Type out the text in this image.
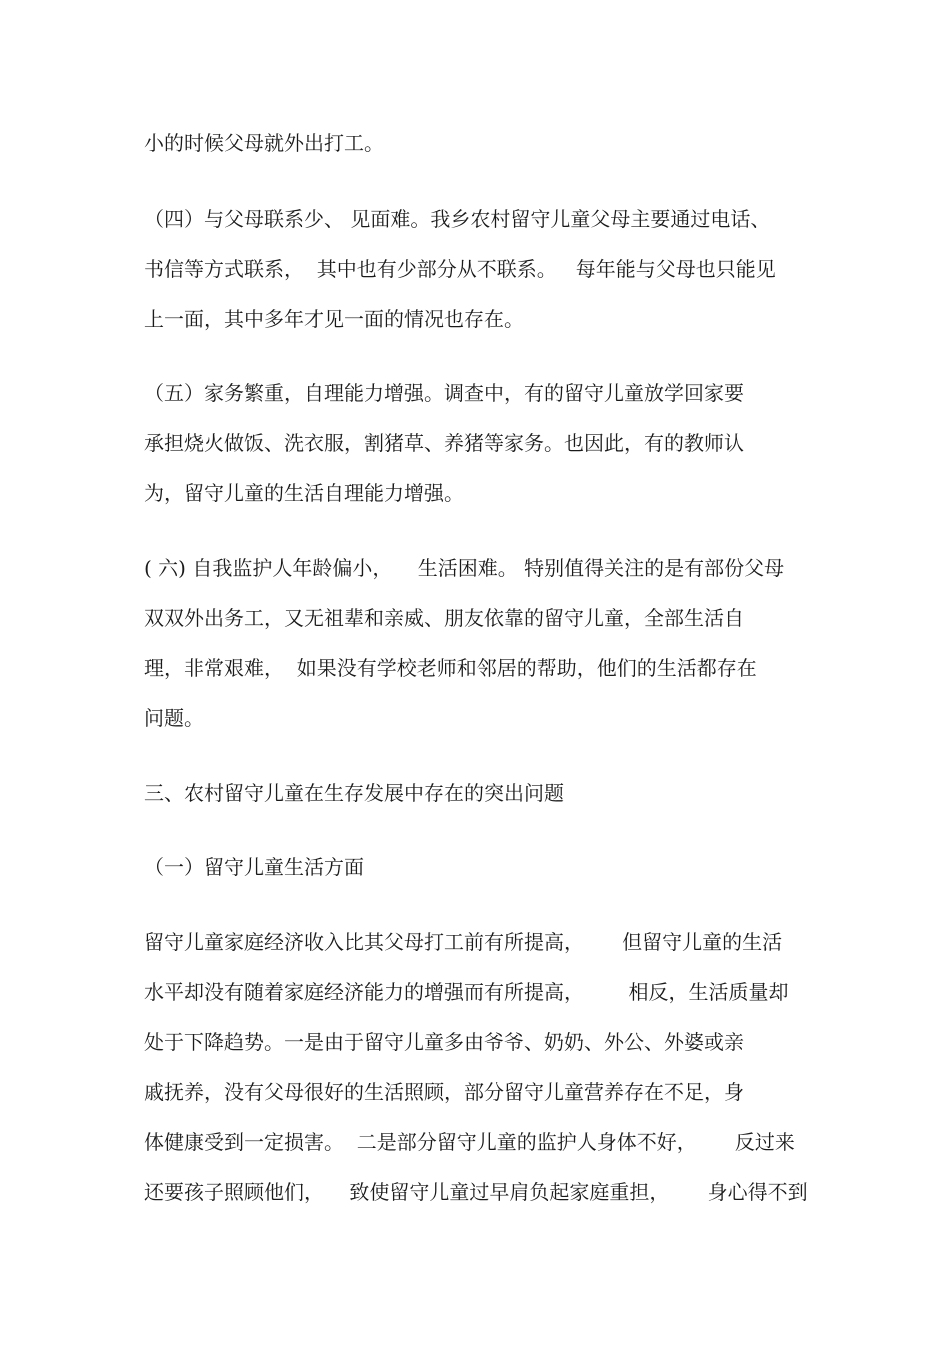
小的时候父母就外出打工。
（四）与父母联系少、 见面难。我乡农村留守儿童父母主要通过电话、
书信等方式联系，  其中也有少部分从不联系。   每年能与父母也只能见
上一面，其中多年才见一面的情况也存在。
（五）家务繁重，自理能力增强。调查中，有的留守儿童放学回家要
承担烧火做饭、洗衣服，割猪草、养猪等家务。也因此，有的教师认
为，留守儿童的生活自理能力增强。
( 六) 自我监护人年龄偏小，    生活困难。 特别值得关注的是有部份父母
双双外出务工，又无祖辈和亲威、朋友依靠的留守儿童，全部生活自
理，非常艰难，  如果没有学校老师和邻居的帮助，他们的生活都存在
问题。
三、农村留守儿童在生存发展中存在的突出问题
（一）留守儿童生活方面
留守儿童家庭经济收入比其父母打工前有所提高，      但留守儿童的生活
水平却没有随着家庭经济能力的增强而有所提高，       相反，生活质量却
处于下降趋势。一是由于留守儿童多由爷爷、奶奶、外公、外婆或亲
戚抚养，没有父母很好的生活照顾，部分留守儿童营养存在不足，身
体健康受到一定损害。  二是部分留守儿童的监护人身体不好，      反过来
还要孩子照顾他们，    致使留守儿童过早肩负起家庭重担，      身心得不到
